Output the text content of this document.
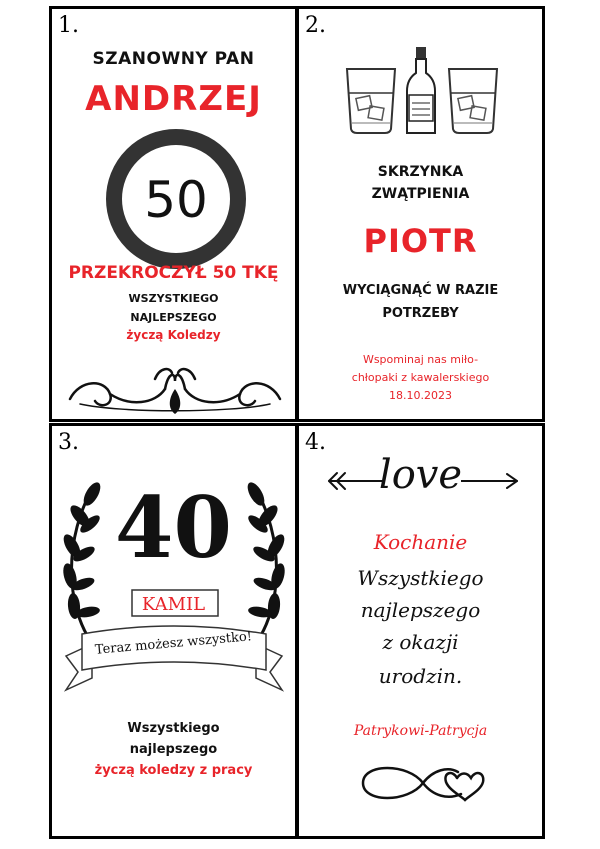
1.
SZANOWNY PAN
ANDRZEJ
50
PRZEKROCZYŁ 50 TKĘ
WSZYSTKIEGO
NAJLEPSZEGO
życzą Koledzy
2.
SKRZYNKA
ZWĄTPIENIA
PIOTR
WYCIĄGNĄĆ W RAZIE
POTRZEBY
Wspominaj nas miło-
chłopaki z kawalerskiego
18.10.2023
3.
40
KAMIL
Teraz możesz wszystko!
Wszystkiego
najlepszego
życzą koledzy z pracy
4.
love
Kochanie
Wszystkiego
najlepszego
z okazji
urodzin.
Patrykowi-Patrycja
